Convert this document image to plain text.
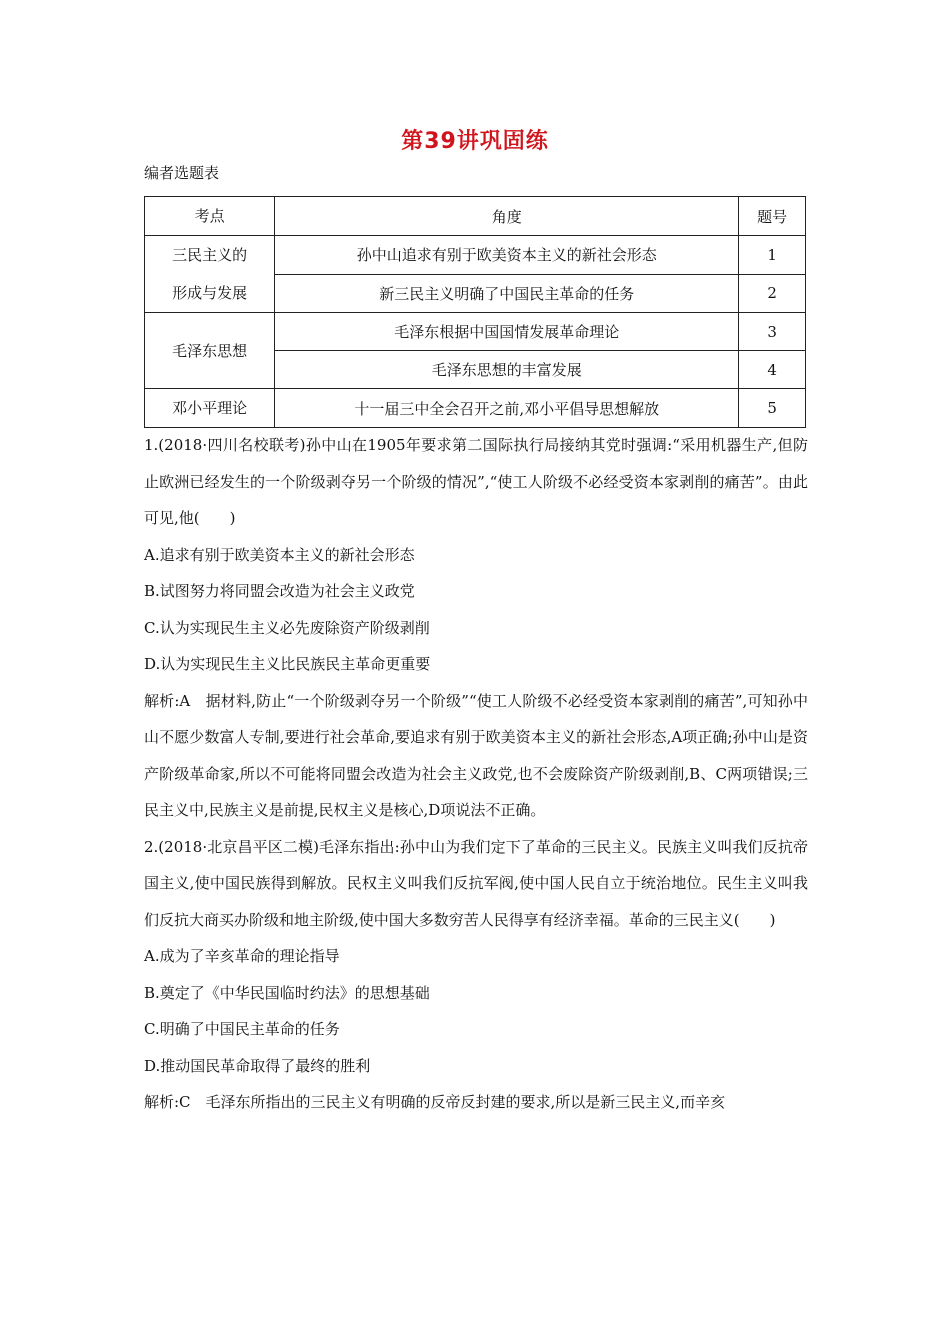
第39讲巩固练
编者选题表
考点	角度	题号

三民主义的
形成与发展	孙中山追求有别于欧美资本主义的新社会形态	1
	新三民主义明确了中国民主革命的任务	2

毛泽东思想	毛泽东根据中国国情发展革命理论	3
	毛泽东思想的丰富发展	4

邓小平理论	十一届三中全会召开之前,邓小平倡导思想解放	5

1.(2018·四川名校联考)孙中山在1905年要求第二国际执行局接纳其党时强调:“采用机器生产,但防止欧洲已经发生的一个阶级剥夺另一个阶级的情况”,“使工人阶级不必经受资本家剥削的痛苦”。由此可见,他(　　)

A.追求有别于欧美资本主义的新社会形态

B.试图努力将同盟会改造为社会主义政党

C.认为实现民生主义必先废除资产阶级剥削

D.认为实现民生主义比民族民主革命更重要

解析:A　据材料,防止“一个阶级剥夺另一个阶级”“使工人阶级不必经受资本家剥削的痛苦”,可知孙中山不愿少数富人专制,要进行社会革命,要追求有别于欧美资本主义的新社会形态,A项正确;孙中山是资产阶级革命家,所以不可能将同盟会改造为社会主义政党,也不会废除资产阶级剥削,B、C两项错误;三民主义中,民族主义是前提,民权主义是核心,D项说法不正确。

2.(2018·北京昌平区二模)毛泽东指出:孙中山为我们定下了革命的三民主义。民族主义叫我们反抗帝国主义,使中国民族得到解放。民权主义叫我们反抗军阀,使中国人民自立于统治地位。民生主义叫我们反抗大商买办阶级和地主阶级,使中国大多数穷苦人民得享有经济幸福。革命的三民主义(　　)

A.成为了辛亥革命的理论指导

B.奠定了《中华民国临时约法》的思想基础

C.明确了中国民主革命的任务

D.推动国民革命取得了最终的胜利

解析:C　毛泽东所指出的三民主义有明确的反帝反封建的要求,所以是新三民主义,而辛亥
